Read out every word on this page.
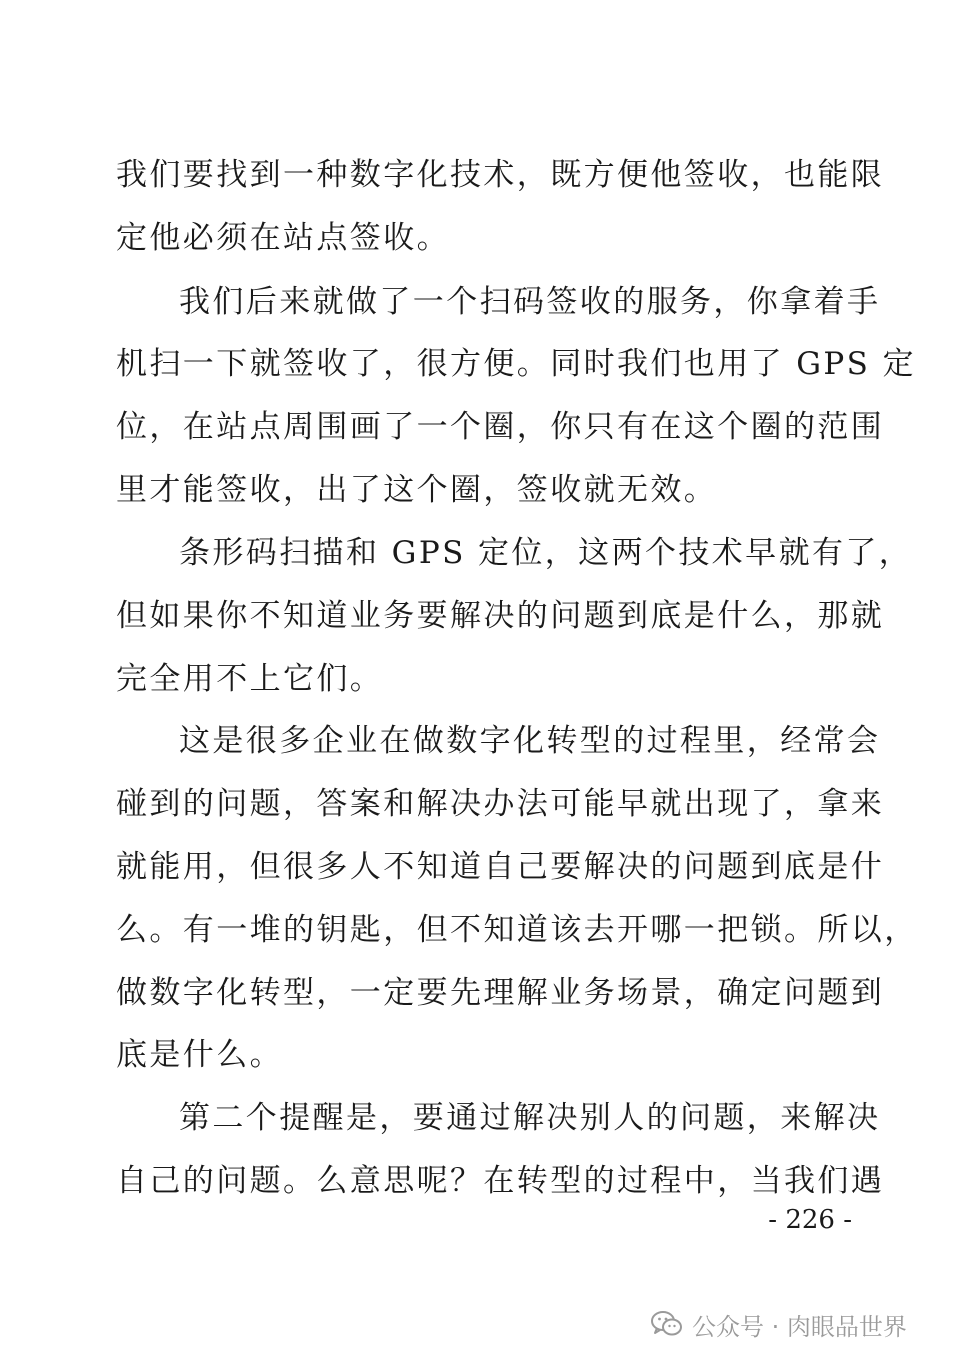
我们要找到一种数字化技术，既方便他签收，也能限
定他必须在站点签收。
我们后来就做了一个扫码签收的服务，你拿着手
机扫一下就签收了，很方便。同时我们也用了 GPS 定
位，在站点周围画了一个圈，你只有在这个圈的范围
里才能签收，出了这个圈，签收就无效。
条形码扫描和 GPS 定位，这两个技术早就有了，
但如果你不知道业务要解决的问题到底是什么，那就
完全用不上它们。
这是很多企业在做数字化转型的过程里，经常会
碰到的问题，答案和解决办法可能早就出现了，拿来
就能用，但很多人不知道自己要解决的问题到底是什
么。有一堆的钥匙，但不知道该去开哪一把锁。所以，
做数字化转型，一定要先理解业务场景，确定问题到
底是什么。
第二个提醒是，要通过解决别人的问题，来解决
自己的问题。么意思呢？在转型的过程中，当我们遇
- 226 -
公众号 · 肉眼品世界
